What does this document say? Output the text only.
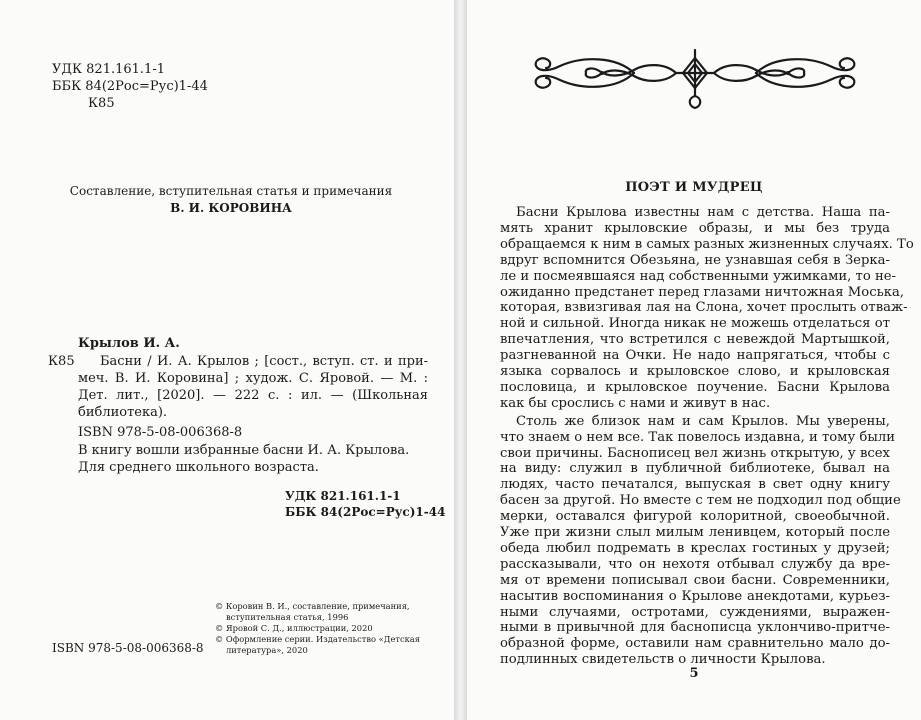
УДК 821.161.1-1
ББК 84(2Рос=Рус)1-44
К85
Составление, вступительная статья и примечания
В. И. КОРОВИНА
Крылов И. А.
К85 Басни / И. А. Крылов ; [сост., вступ. ст. и при-
меч. В. И. Коровина] ; худож. С. Яровой. — М. :
Дет. лит., [2020]. — 222 с. : ил. — (Школьная
библиотека).
ISBN 978-5-08-006368-8
В книгу вошли избранные басни И. А. Крылова.
Для среднего школьного возраста.
УДК 821.161.1-1
ББК 84(2Рос=Рус)1-44
ISBN 978-5-08-006368-8
© Коровин В. И., составление, примечания,
вступительная статья, 1996
© Яровой С. Д., иллюстрации, 2020
© Оформление серии. Издательство «Детская
литература», 2020
ПОЭТ И МУДРЕЦ
Басни Крылова известны нам с детства. Наша па-
мять хранит крыловские образы, и мы без труда
обращаемся к ним в самых разных жизненных случаях. То
вдруг вспомнится Обезьяна, не узнавшая себя в Зерка-
ле и посмеявшаяся над собственными ужимками, то не-
ожиданно предстанет перед глазами ничтожная Моська,
которая, взвизгивая лая на Слона, хочет прослыть отваж-
ной и сильной. Иногда никак не можешь отделаться от
впечатления, что встретился с невеждой Мартышкой,
разгневанной на Очки. Не надо напрягаться, чтобы с
языка сорвалось и крыловское слово, и крыловская
пословица, и крыловское поучение. Басни Крылова
как бы срослись с нами и живут в нас.
Столь же близок нам и сам Крылов. Мы уверены,
что знаем о нем все. Так повелось издавна, и тому были
свои причины. Баснописец вел жизнь открытую, у всех
на виду: служил в публичной библиотеке, бывал на
людях, часто печатался, выпуская в свет одну книгу
басен за другой. Но вместе с тем не подходил под общие
мерки, оставался фигурой колоритной, своеобычной.
Уже при жизни слыл милым ленивцем, который после
обеда любил подремать в креслах гостиных у друзей;
рассказывали, что он нехотя отбывал службу да вре-
мя от времени пописывал свои басни. Современники,
насытив воспоминания о Крылове анекдотами, курьез-
ными случаями, остротами, суждениями, выражен-
ными в привычной для баснописца уклончиво-притче-
образной форме, оставили нам сравнительно мало до-
подлинных свидетельств о личности Крылова.
5
